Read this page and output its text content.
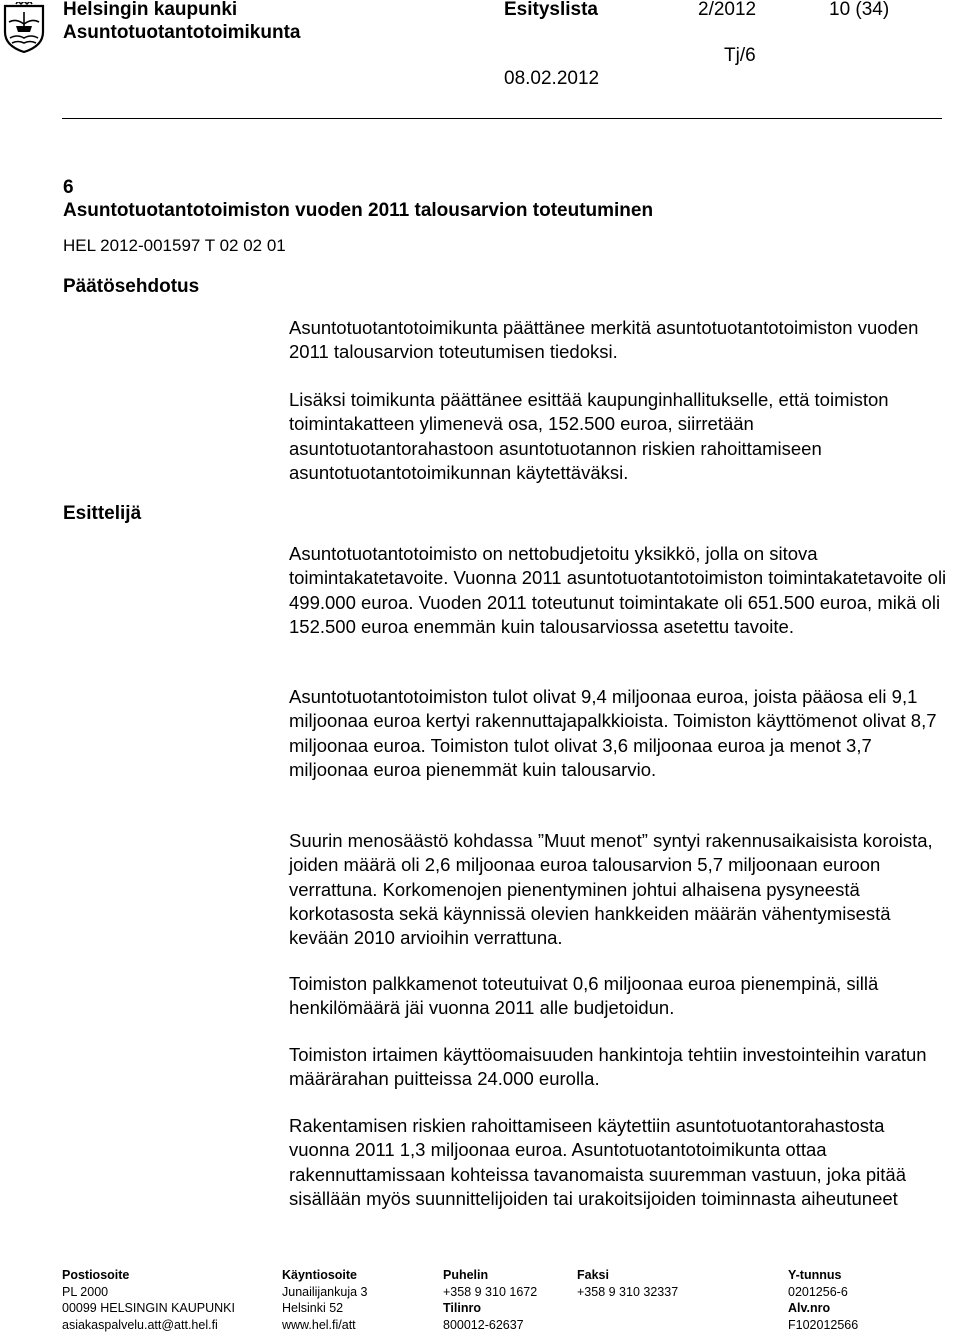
Helsingin kaupunki
Asuntotuotantotoimikunta
Esityslista	2/2012	10 (34)
Tj/6
08.02.2012
6
Asuntotuotantotoimiston vuoden 2011 talousarvion toteutuminen
HEL 2012-001597 T 02 02 01
Päätösehdotus
Esittelijä

Asuntotuotantotoimikunta päättänee merkitä asuntotuotantotoimiston vuoden 2011 talousarvion toteutumisen tiedoksi.

Lisäksi toimikunta päättänee esittää kaupunginhallitukselle, että toimiston toimintakatteen ylimenevä osa, 152.500 euroa, siirretään asuntotuotantorahastoon asuntotuotannon riskien rahoittamiseen asuntotuotantotoimikunnan käytettäväksi.

Asuntotuotantotoimisto on nettobudjetoitu yksikkö, jolla on sitova toimintakatetavoite. Vuonna 2011 asuntotuotantotoimiston toimintakatetavoite oli 499.000 euroa. Vuoden 2011 toteutunut toimintakate oli 651.500 euroa, mikä oli 152.500 euroa enemmän kuin talousarviossa asetettu tavoite.

Asuntotuotantotoimiston tulot olivat 9,4 miljoonaa euroa, joista pääosa eli 9,1 miljoonaa euroa kertyi rakennuttajapalkkioista. Toimiston käyttömenot olivat 8,7 miljoonaa euroa. Toimiston tulot olivat 3,6 miljoonaa euroa ja menot 3,7 miljoonaa euroa pienemmät kuin talousarvio.

Suurin menosäästö kohdassa ”Muut menot” syntyi rakennusaikaisista koroista, joiden määrä oli 2,6 miljoonaa euroa talousarvion 5,7 miljoonaan euroon verrattuna. Korkomenojen pienentyminen johtui alhaisena pysyneestä korkotasosta sekä käynnissä olevien hankkeiden määrän vähentymisestä kevään 2010 arvioihin verrattuna.

Toimiston palkkamenot toteutuivat 0,6 miljoonaa euroa pienempinä, sillä henkilömäärä jäi vuonna 2011 alle budjetoidun.

Toimiston irtaimen käyttöomaisuuden hankintoja tehtiin investointeihin varatun määrärahan puitteissa 24.000 eurolla.

Rakentamisen riskien rahoittamiseen käytettiin asuntotuotantorahastosta vuonna 2011 1,3 miljoonaa euroa. Asuntotuotantotoimikunta ottaa rakennuttamissaan kohteissa tavanomaista suuremman vastuun, joka pitää sisällään myös suunnittelijoiden tai urakoitsijoiden toiminnasta aiheutuneet

Postiosoite
PL 2000
00099 HELSINGIN KAUPUNKI
asiakaspalvelu.att@att.hel.fi
Käyntiosoite
Junailijankuja 3
Helsinki 52
www.hel.fi/att
Puhelin
+358 9 310 1672
Tilinro
800012-62637
Faksi
+358 9 310 32337
Y-tunnus
0201256-6
Alv.nro
F102012566
